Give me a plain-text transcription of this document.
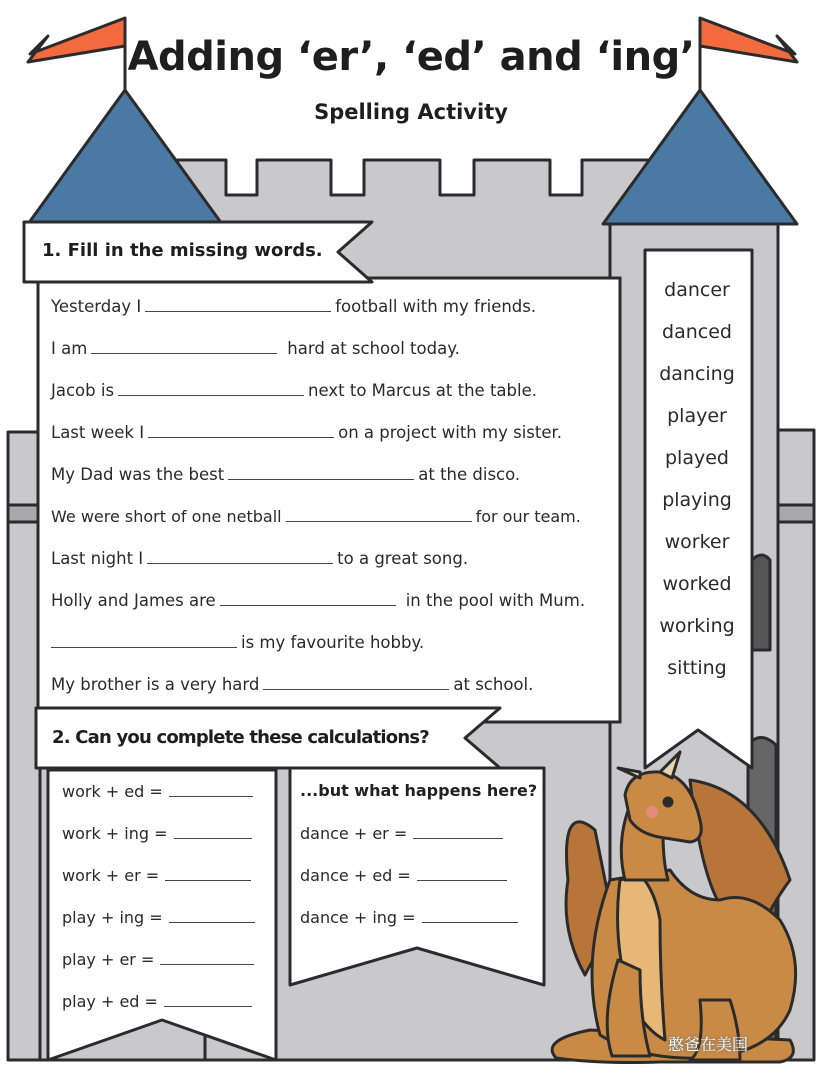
Adding ‘er’, ‘ed’ and ‘ing’
Spelling Activity
1. Fill in the missing words.
Yesterday I	football with my friends.
I am	hard at school today.
Jacob is	next to Marcus at the table.
Last week I	on a project with my sister.
My Dad was the best	at the disco.
We were short of one netball	for our team.
Last night I	to a great song.
Holly and James are	in the pool with Mum.
is my favourite hobby.
My brother is a very hard	at school.
dancer
danced
dancing
player
played
playing
worker
worked
working
sitting
2. Can you complete these calculations?
work + ed =
work + ing =
work + er =
play + ing =
play + er =
play + ed =
...but what happens here?
dance + er =
dance + ed =
dance + ing =
憨爸在美国
